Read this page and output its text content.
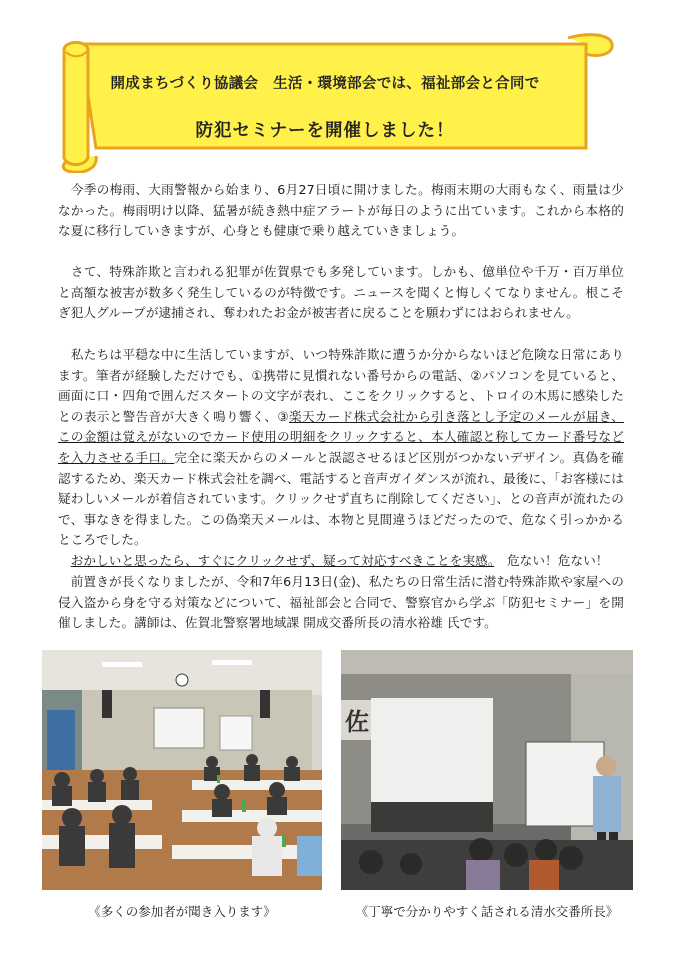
開成まちづくり協議会　生活・環境部会では、福祉部会と合同で
防犯セミナーを開催しました！

　今季の梅雨、大雨警報から始まり、6月27日頃に開けました。梅雨末期の大雨もなく、雨量は少なかった。梅雨明け以降、猛暑が続き熱中症アラートが毎日のように出ています。これから本格的な夏に移行していきますが、心身とも健康で乗り越えていきましょう。

　さて、特殊詐欺と言われる犯罪が佐賀県でも多発しています。しかも、億単位や千万・百万単位と高額な被害が数多く発生しているのが特徴です。ニュースを聞くと悔しくてなりません。根こそぎ犯人グループが逮捕され、奪われたお金が被害者に戻ることを願わずにはおられません。

　私たちは平穏な中に生活していますが、いつ特殊詐欺に遭うか分からないほど危険な日常にあります。筆者が経験しただけでも、①携帯に見慣れない番号からの電話、②パソコンを見ていると、画面に口・四角で囲んだスタートの文字が表れ、ここをクリックすると、トロイの木馬に感染したとの表示と警告音が大きく鳴り響く、③楽天カード株式会社から引き落とし予定のメールが届き、この金額は覚えがないのでカード使用の明細をクリックすると、本人確認と称してカード番号などを入力させる手口。完全に楽天からのメールと誤認させるほど区別がつかないデザイン。真偽を確認するため、楽天カード株式会社を調べ、電話すると音声ガイダンスが流れ、最後に、「お客様には疑わしいメールが着信されています。クリックせず直ちに削除してください」、との音声が流れたので、事なきを得ました。この偽楽天メールは、本物と見間違うほどだったので、危なく引っかかるところでした。

　おかしいと思ったら、すぐにクリックせず、疑って対応すべきことを実感。　 危ない！危ない！

　前置きが長くなりましたが、令和7年6月13日(金)、私たちの日常生活に潜む特殊詐欺や家屋への侵入盗から身を守る対策などについて、福祉部会と合同で、警察官から学ぶ「防犯セミナー」を開催しました。講師は、佐賀北警察署地域課 開成交番所長の清水裕雄 氏です。

佐
《多くの参加者が聞き入ります》	《丁寧で分かりやすく話される清水交番所長》
